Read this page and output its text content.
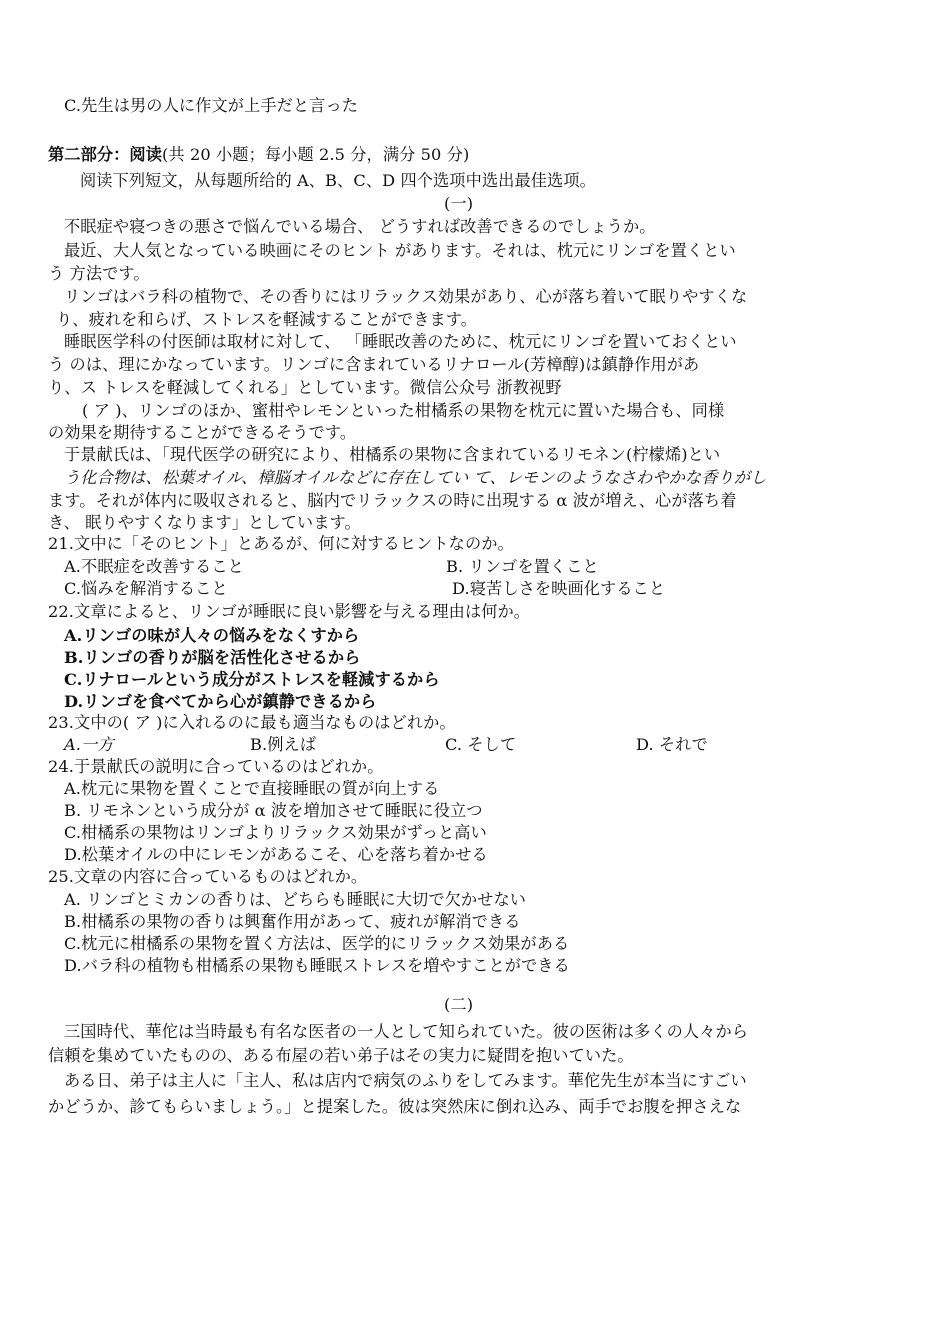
C.先生は男の人に作文が上手だと言った
第二部分：阅读(共 20 小题；每小题 2.5 分，满分 50 分)
阅读下列短文，从每题所给的 A、B、C、D 四个选项中选出最佳选项。
(一)
不眠症や寝つきの悪さで悩んでいる場合、 どうすれば改善できるのでしょうか。
最近、大人気となっている映画にそのヒント があります。それは、枕元にリンゴを置くとい
う 方法です。
リンゴはバラ科の植物で、その香りにはリラックス効果があり、心が落ち着いて眠りやすくな
り、疲れを和らげ、ストレスを軽減することができます。
睡眠医学科の付医師は取材に対して、 「睡眠改善のために、枕元にリンゴを置いておくとい
う のは、理にかなっています。リンゴに含まれているリナロール(芳樟醇)は鎮静作用があ
り、ス トレスを軽減してくれる」としています。微信公众号 浙教视野
( ア )、リンゴのほか、蜜柑やレモンといった柑橘系の果物を枕元に置いた場合も、同様
の効果を期待することができるそうです。
于景献氏は、「現代医学の研究により、柑橘系の果物に含まれているリモネン(柠檬烯)とい
う化合物は、松葉オイル、樟脳オイルなどに存在してい て、レモンのようなさわやかな香りがし
ます。それが体内に吸収されると、脳内でリラックスの時に出現する α 波が増え、心が落ち着
き、 眠りやすくなります」としています。
21.文中に「そのヒント」とあるが、何に対するヒントなのか。
A.不眠症を改善すること	B. リンゴを置くこと
C.悩みを解消すること	D.寝苦しさを映画化すること
22.文章によると、リンゴが睡眠に良い影響を与える理由は何か。
A.リンゴの味が人々の悩みをなくすから
B.リンゴの香りが脳を活性化させるから
C.リナロールという成分がストレスを軽減するから
D.リンゴを食べてから心が鎮静できるから
23.文中の( ア )に入れるのに最も適当なものはどれか。
A.一方	B.例えば	C. そして	D. それで
24.于景献氏の説明に合っているのはどれか。
A.枕元に果物を置くことで直接睡眠の質が向上する
B. リモネンという成分が α 波を増加させて睡眠に役立つ
C.柑橘系の果物はリンゴよりリラックス効果がずっと高い
D.松葉オイルの中にレモンがあるこそ、心を落ち着かせる
25.文章の内容に合っているものはどれか。
A. リンゴとミカンの香りは、どちらも睡眠に大切で欠かせない
B.柑橘系の果物の香りは興奮作用があって、疲れが解消できる
C.枕元に柑橘系の果物を置く方法は、医学的にリラックス効果がある
D.バラ科の植物も柑橘系の果物も睡眠ストレスを増やすことができる
(二)
三国時代、華佗は当時最も有名な医者の一人として知られていた。彼の医術は多くの人々から
信頼を集めていたものの、ある布屋の若い弟子はその実力に疑問を抱いていた。
ある日、弟子は主人に「主人、私は店内で病気のふりをしてみます。華佗先生が本当にすごい
かどうか、診てもらいましょう。」と提案した。彼は突然床に倒れ込み、両手でお腹を押さえな
